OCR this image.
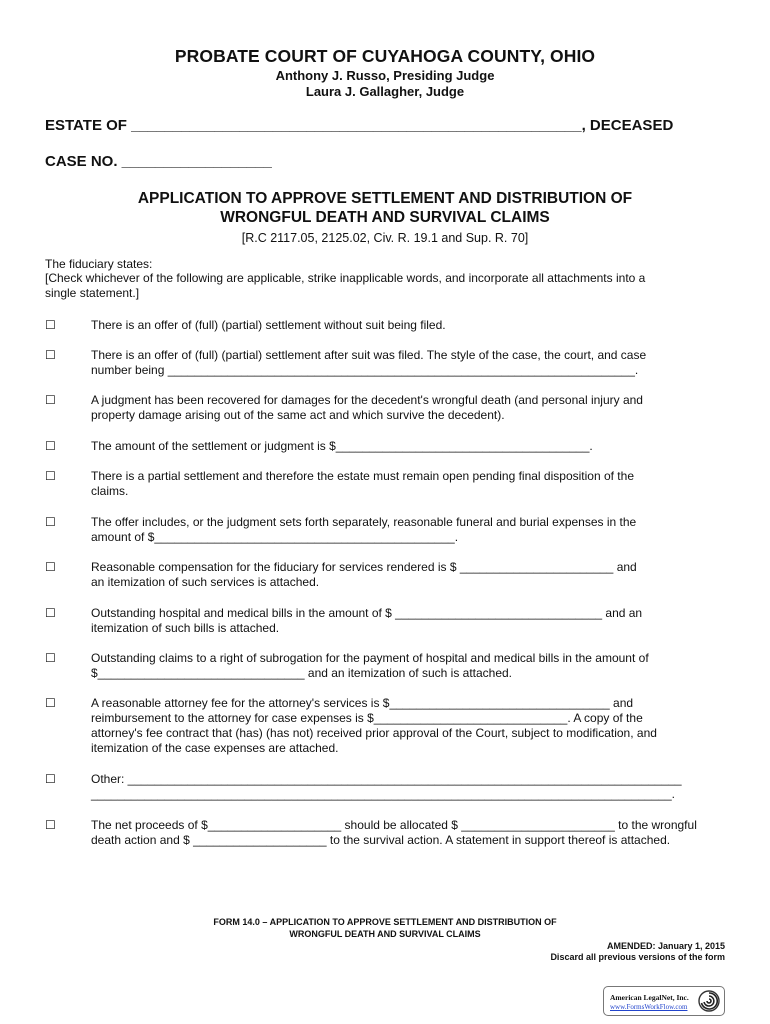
PROBATE COURT OF CUYAHOGA COUNTY, OHIO
Anthony J. Russo, Presiding Judge
Laura J. Gallagher, Judge
ESTATE OF ______________________________________________________, DECEASED
CASE NO. __________________
APPLICATION TO APPROVE SETTLEMENT AND DISTRIBUTION OF
WRONGFUL DEATH AND SURVIVAL CLAIMS
[R.C 2117.05, 2125.02, Civ. R. 19.1 and Sup. R. 70]
The fiduciary states:
[Check whichever of the following are applicable, strike inapplicable words, and incorporate all attachments into a
single statement.]
☐	There is an offer of (full) (partial) settlement without suit being filed.
☐	There is an offer of (full) (partial) settlement after suit was filed. The style of the case, the court, and case
number being ______________________________________________________________________.
☐	A judgment has been recovered for damages for the decedent's wrongful death (and personal injury and
property damage arising out of the same act and which survive the decedent).
☐	The amount of the settlement or judgment is $______________________________________.
☐	There is a partial settlement and therefore the estate must remain open pending final disposition of the
claims.
☐	The offer includes, or the judgment sets forth separately, reasonable funeral and burial expenses in the
amount of $_____________________________________________.
☐	Reasonable compensation for the fiduciary for services rendered is $ _______________________ and
an itemization of such services is attached.
☐	Outstanding hospital and medical bills in the amount of $ _______________________________ and an
itemization of such bills is attached.
☐	Outstanding claims to a right of subrogation for the payment of hospital and medical bills in the amount of
$_______________________________ and an itemization of such is attached.
☐	A reasonable attorney fee for the attorney's services is $_________________________________ and
reimbursement to the attorney for case expenses is $_____________________________. A copy of the
attorney's fee contract that (has) (has not) received prior approval of the Court, subject to modification, and
itemization of the case expenses are attached.
☐	Other: ___________________________________________________________________________________
_______________________________________________________________________________________.
☐	The net proceeds of $____________________ should be allocated $ _______________________ to the wrongful
death action and $ ____________________ to the survival action. A statement in support thereof is attached.
FORM 14.0 – APPLICATION TO APPROVE SETTLEMENT AND DISTRIBUTION OF
WRONGFUL DEATH AND SURVIVAL CLAIMS
AMENDED: January 1, 2015
Discard all previous versions of the form
American LegalNet, Inc.
www.FormsWorkFlow.com
